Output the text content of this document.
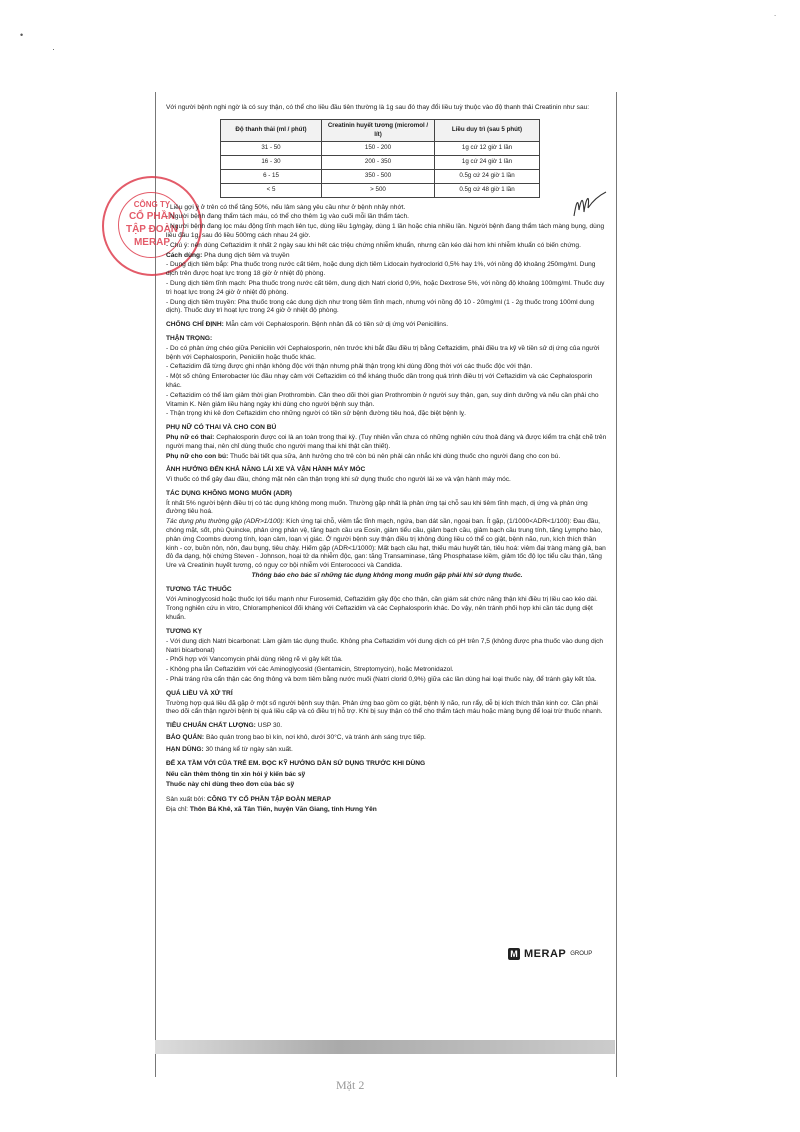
•
·
˙
CÔNG TY
CỔ PHẦN
TẬP ĐOÀN
MERAP

Với người bệnh nghi ngờ là có suy thận, có thể cho liều đầu tiên thường là 1g sau đó thay đổi liều tuỳ thuộc vào độ thanh thải Creatinin như sau:

Độ thanh thải (ml / phút)	Creatinin huyết tương (micromol / lít)	Liều duy trì (sau 5 phút)
31 - 50	150 - 200	1g cứ 12 giờ 1 lần
16 - 30	200 - 350	1g cứ 24 giờ 1 lần
6 - 15	350 - 500	0.5g cứ 24 giờ 1 lần
< 5	> 500	0.5g cứ 48 giờ 1 lần

- Liều gợi ý ở trên có thể tăng 50%, nếu lâm sàng yêu cầu như ở bệnh nhây nhớt.

- Người bệnh đang thẩm tách máu, có thể cho thêm 1g vào cuối mỗi lần thẩm tách.

- Người bệnh đang lọc máu động tĩnh mạch liên tục, dùng liều 1g/ngày, dùng 1 lần hoặc chia nhiều lần. Người bệnh đang thẩm tách màng bụng, dùng liều đầu 1g, sau đó liều 500mg cách nhau 24 giờ.

- Chú ý: nên dùng Ceftazidim ít nhất 2 ngày sau khi hết các triệu chứng nhiễm khuẩn, nhưng cần kéo dài hơn khi nhiễm khuẩn có biến chứng.

Cách dùng: Pha dung dịch tiêm và truyền

- Dung dịch tiêm bắp: Pha thuốc trong nước cất tiêm, hoặc dung dịch tiêm Lidocain hydroclorid 0,5% hay 1%, với nồng độ khoảng 250mg/ml. Dung dịch trên được hoạt lực trong 18 giờ ở nhiệt độ phòng.

- Dung dịch tiêm tĩnh mạch: Pha thuốc trong nước cất tiêm, dung dịch Natri clorid 0,9%, hoặc Dextrose 5%, với nồng độ khoảng 100mg/ml. Thuốc duy trì hoạt lực trong 24 giờ ở nhiệt độ phòng.

- Dung dịch tiêm truyền: Pha thuốc trong các dung dịch như trong tiêm tĩnh mạch, nhưng với nồng độ 10 - 20mg/ml (1 - 2g thuốc trong 100ml dung dịch). Thuốc duy trì hoạt lực trong 24 giờ ở nhiệt độ phòng.

CHỐNG CHỈ ĐỊNH: Mẫn cảm với Cephalosporin. Bệnh nhân đã có tiền sử dị ứng với Penicillins.

THẬN TRỌNG:

- Do có phản ứng chéo giữa Penicilin với Cephalosporin, nên trước khi bắt đầu điều trị bằng Ceftazidim, phải điều tra kỹ về tiền sử dị ứng của người bệnh với Cephalosporin, Penicilin hoặc thuốc khác.

- Ceftazidim đã từng được ghi nhận không độc với thận nhưng phải thận trọng khi dùng đồng thời với các thuốc độc với thận.

- Một số chủng Enterobacter lúc đầu nhạy cảm với Ceftazidim có thể kháng thuốc dần trong quá trình điều trị với Ceftazidim và các Cephalosporin khác.

- Ceftazidim có thể làm giảm thời gian Prothrombin. Cần theo dõi thời gian Prothrombin ở người suy thận, gan, suy dinh dưỡng và nếu cần phải cho Vitamin K. Nên giảm liều hàng ngày khi dùng cho người bệnh suy thận.

- Thận trọng khi kê đơn Ceftazidim cho những người có tiền sử bệnh đường tiêu hoá, đặc biệt bệnh lỵ.

PHỤ NỮ CÓ THAI VÀ CHO CON BÚ

Phụ nữ có thai: Cephalosporin được coi là an toàn trong thai kỳ. (Tuy nhiên vẫn chưa có những nghiên cứu thoả đáng và được kiểm tra chặt chẽ trên người mang thai, nên chỉ dùng thuốc cho người mang thai khi thật cần thiết).

Phụ nữ cho con bú: Thuốc bài tiết qua sữa, ảnh hưởng cho trẻ còn bú nên phải cân nhắc khi dùng thuốc cho người đang cho con bú.

ẢNH HƯỞNG ĐẾN KHẢ NĂNG LÁI XE VÀ VẬN HÀNH MÁY MÓC

Vì thuốc có thể gây đau đầu, chóng mặt nên cần thận trọng khi sử dụng thuốc cho người lái xe và vận hành máy móc.

TÁC DỤNG KHÔNG MONG MUỐN (ADR)

Ít nhất 5% người bệnh điều trị có tác dụng không mong muốn. Thường gặp nhất là phản ứng tại chỗ sau khi tiêm tĩnh mạch, dị ứng và phản ứng đường tiêu hoá.

Tác dụng phụ thường gặp (ADR>1/100): Kích ứng tại chỗ, viêm tắc tĩnh mạch, ngứa, ban dát sần, ngoại ban. Ít gặp, (1/1000<ADR<1/100): Đau đầu, chóng mặt, sốt, phù Quincke, phản ứng phản vệ, tăng bạch cầu ưa Eosin, giảm tiểu cầu, giảm bạch cầu, giảm bạch cầu trung tính, tăng Lympho bào, phản ứng Coombs dương tính, loạn cảm, loạn vị giác. Ở người bệnh suy thận điều trị không đúng liều có thể co giật, bệnh não, run, kích thích thần kinh - cơ, buồn nôn, nôn, đau bụng, tiêu chảy. Hiếm gặp (ADR<1/1000): Mất bạch cầu hạt, thiếu máu huyết tán, tiêu hoá: viêm đại tràng màng giả, ban đỏ đa dạng, hội chứng Steven - Johnson, hoại tử da nhiễm độc, gan: tăng Transaminase, tăng Phosphatase kiềm, giảm tốc độ lọc tiểu cầu thận, tăng Ure và Creatinin huyết tương, có nguy cơ bội nhiễm với Enterococci và Candida.

Thông báo cho bác sĩ những tác dụng không mong muốn gặp phải khi sử dụng thuốc.

TƯƠNG TÁC THUỐC

Với Aminoglycosid hoặc thuốc lợi tiểu mạnh như Furosemid, Ceftazidim gây độc cho thận, cần giám sát chức năng thận khi điều trị liều cao kéo dài.

Trong nghiên cứu in vitro, Chloramphenicol đối kháng với Ceftazidim và các Cephalosporin khác. Do vậy, nên tránh phối hợp khi cần tác dụng diệt khuẩn.

TƯƠNG KỴ

- Với dung dịch Natri bicarbonat: Làm giảm tác dụng thuốc. Không pha Ceftazidim với dung dịch có pH trên 7,5 (không được pha thuốc vào dung dịch Natri bicarbonat)

- Phối hợp với Vancomycin phải dùng riêng rẽ vì gây kết tủa.

- Không pha lẫn Ceftazidim với các Aminoglycosid (Gentamicin, Streptomycin), hoặc Metronidazol.

- Phải tráng rửa cẩn thận các ống thông và bơm tiêm bằng nước muối (Natri clorid 0,9%) giữa các lần dùng hai loại thuốc này, để tránh gây kết tủa.

QUÁ LIỀU VÀ XỬ TRÍ

Trường hợp quá liều đã gặp ở một số người bệnh suy thận. Phản ứng bao gồm co giật, bệnh lý não, run rẩy, dễ bị kích thích thần kinh cơ. Cần phải theo dõi cẩn thận người bệnh bị quá liều cấp và có điều trị hỗ trợ. Khi bị suy thận có thể cho thẩm tách máu hoặc màng bụng để loại trừ thuốc nhanh.

TIÊU CHUẨN CHẤT LƯỢNG: USP 30.

BẢO QUẢN: Bảo quản trong bao bì kín, nơi khô, dưới 30°C, và tránh ánh sáng trực tiếp.

HẠN DÙNG: 30 tháng kể từ ngày sản xuất.

ĐỂ XA TẦM VỚI CỦA TRẺ EM. ĐỌC KỸ HƯỚNG DẪN SỬ DỤNG TRƯỚC KHI DÙNG

Nếu cần thêm thông tin xin hỏi ý kiến bác sỹ

Thuốc này chỉ dùng theo đơn của bác sỹ

Sản xuất bởi: CÔNG TY CỔ PHẦN TẬP ĐOÀN MERAP

Địa chỉ: Thôn Bá Khê, xã Tân Tiến, huyện Văn Giang, tỉnh Hưng Yên

M MERAP GROUP
Mặt 2
